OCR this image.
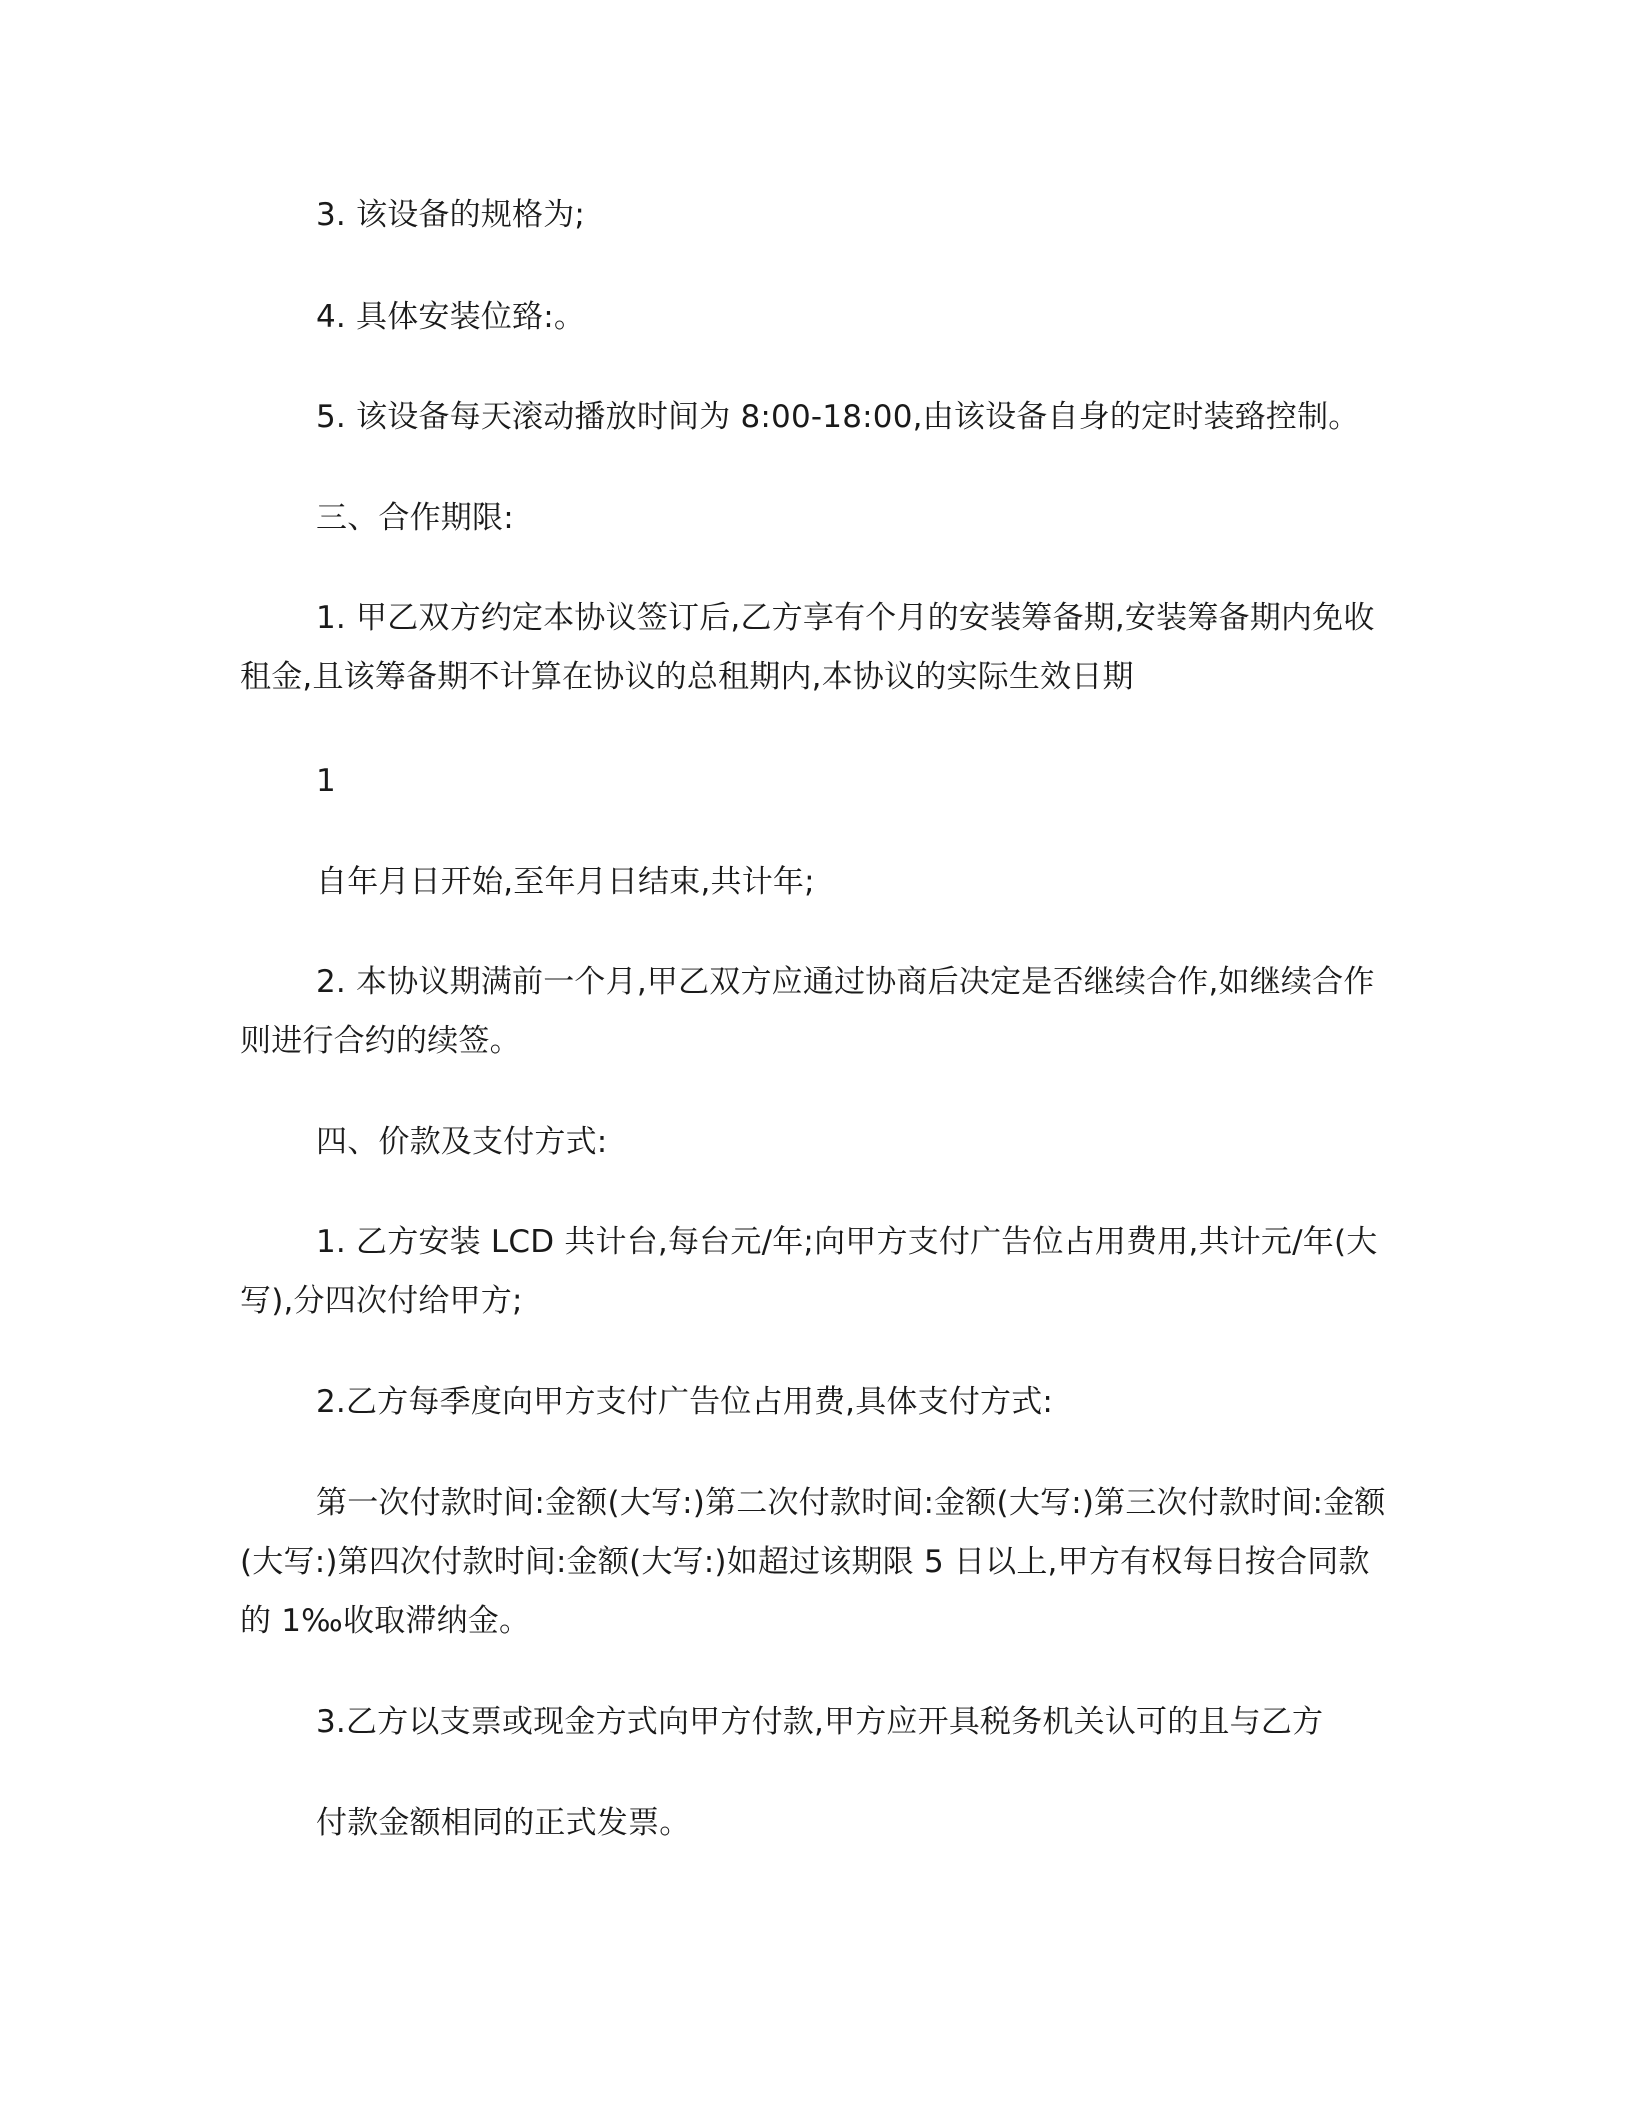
3. 该设备的规格为;

4. 具体安装位臵:。

5. 该设备每天滚动播放时间为 8:00-18:00,由该设备自身的定时装臵控制。

三、合作期限:

1. 甲乙双方约定本协议签订后,乙方享有个月的安装筹备期,安装筹备期内免收租金,且该筹备期不计算在协议的总租期内,本协议的实际生效日期

1

自年月日开始,至年月日结束,共计年;

2. 本协议期满前一个月,甲乙双方应通过协商后决定是否继续合作,如继续合作则进行合约的续签。

四、价款及支付方式:

1. 乙方安装 LCD 共计台,每台元/年;向甲方支付广告位占用费用,共计元/年(大写),分四次付给甲方;

2.乙方每季度向甲方支付广告位占用费,具体支付方式:

第一次付款时间:金额(大写:)第二次付款时间:金额(大写:)第三次付款时间:金额(大写:)第四次付款时间:金额(大写:)如超过该期限 5 日以上,甲方有权每日按合同款的 1‰收取滞纳金。

3.乙方以支票或现金方式向甲方付款,甲方应开具税务机关认可的且与乙方

付款金额相同的正式发票。
